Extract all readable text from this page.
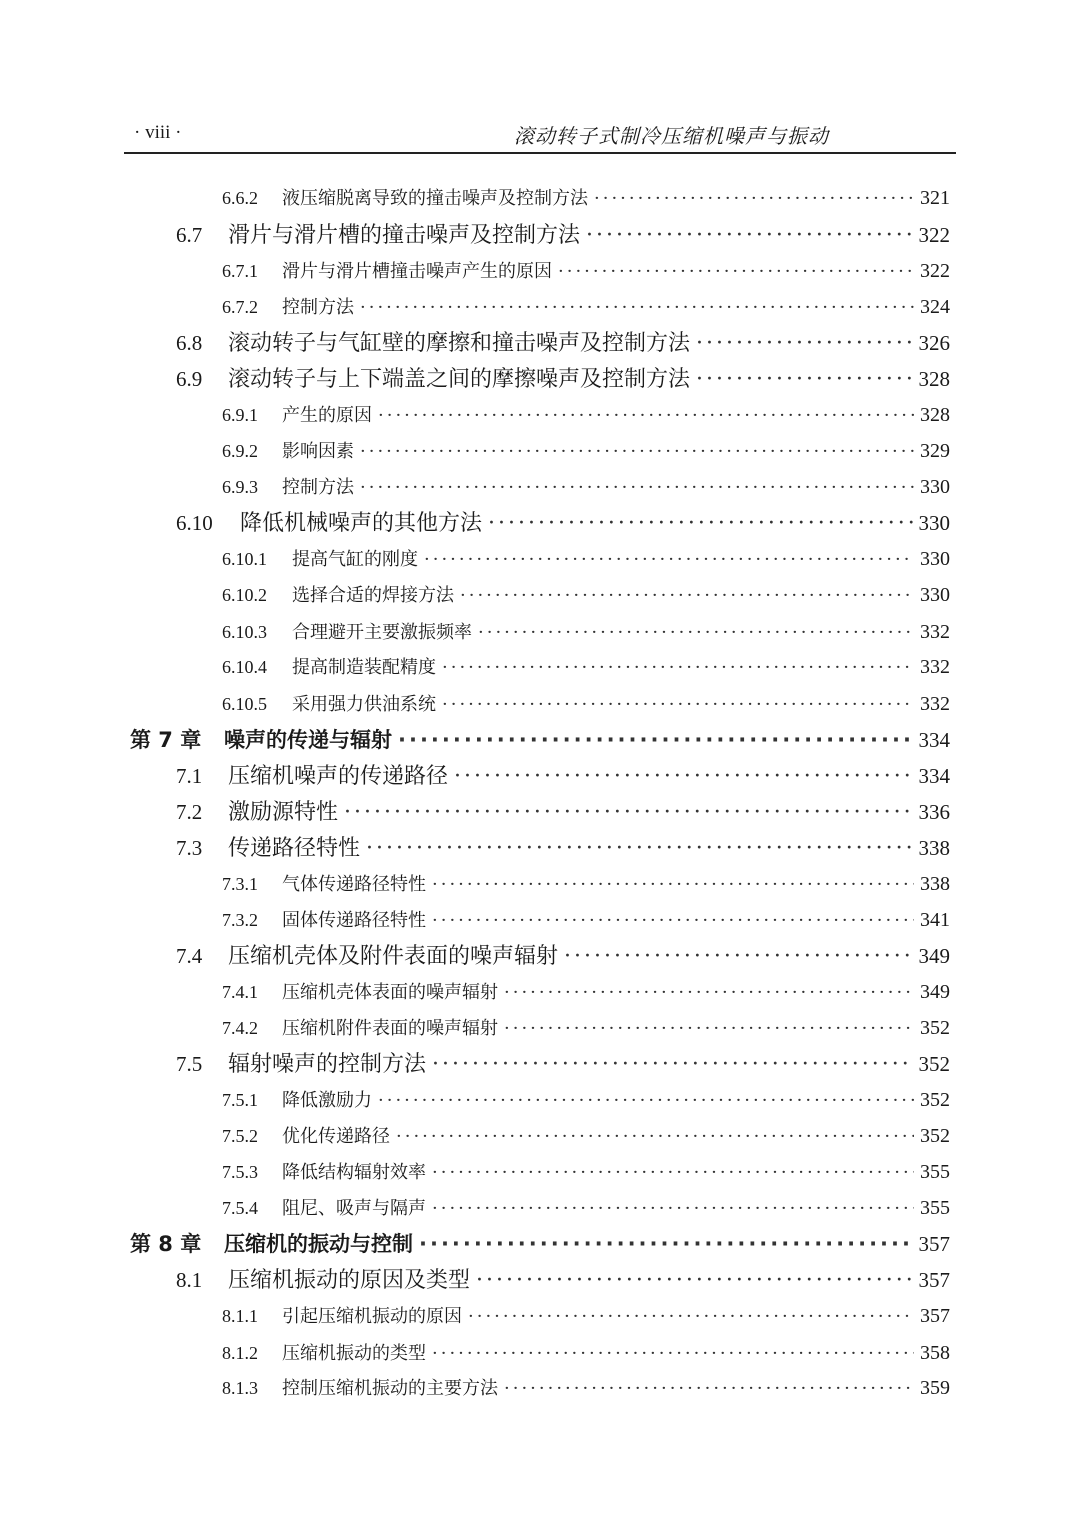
· viii ·	滚动转子式制冷压缩机噪声与振动
6.6.2	液压缩脱离导致的撞击噪声及控制方法 ·····	321
6.7	滑片与滑片槽的撞击噪声及控制方法 ·····	322
6.7.1	滑片与滑片槽撞击噪声产生的原因 ·····	322
6.7.2	控制方法 ·····	324
6.8	滚动转子与气缸壁的摩擦和撞击噪声及控制方法 ·····	326
6.9	滚动转子与上下端盖之间的摩擦噪声及控制方法 ·····	328
6.9.1	产生的原因 ·····	328
6.9.2	影响因素 ·····	329
6.9.3	控制方法 ·····	330
6.10	降低机械噪声的其他方法 ·····	330
6.10.1	提高气缸的刚度 ·····	330
6.10.2	选择合适的焊接方法 ·····	330
6.10.3	合理避开主要激振频率 ·····	332
6.10.4	提高制造装配精度 ·····	332
6.10.5	采用强力供油系统 ·····	332
第 7 章	噪声的传递与辐射 ·····	334
7.1	压缩机噪声的传递路径 ·····	334
7.2	激励源特性 ·····	336
7.3	传递路径特性 ·····	338
7.3.1	气体传递路径特性 ·····	338
7.3.2	固体传递路径特性 ·····	341
7.4	压缩机壳体及附件表面的噪声辐射 ·····	349
7.4.1	压缩机壳体表面的噪声辐射 ·····	349
7.4.2	压缩机附件表面的噪声辐射 ·····	352
7.5	辐射噪声的控制方法 ·····	352
7.5.1	降低激励力 ·····	352
7.5.2	优化传递路径 ·····	352
7.5.3	降低结构辐射效率 ·····	355
7.5.4	阻尼、吸声与隔声 ·····	355
第 8 章	压缩机的振动与控制 ·····	357
8.1	压缩机振动的原因及类型 ·····	357
8.1.1	引起压缩机振动的原因 ·····	357
8.1.2	压缩机振动的类型 ·····	358
8.1.3	控制压缩机振动的主要方法 ·····	359
